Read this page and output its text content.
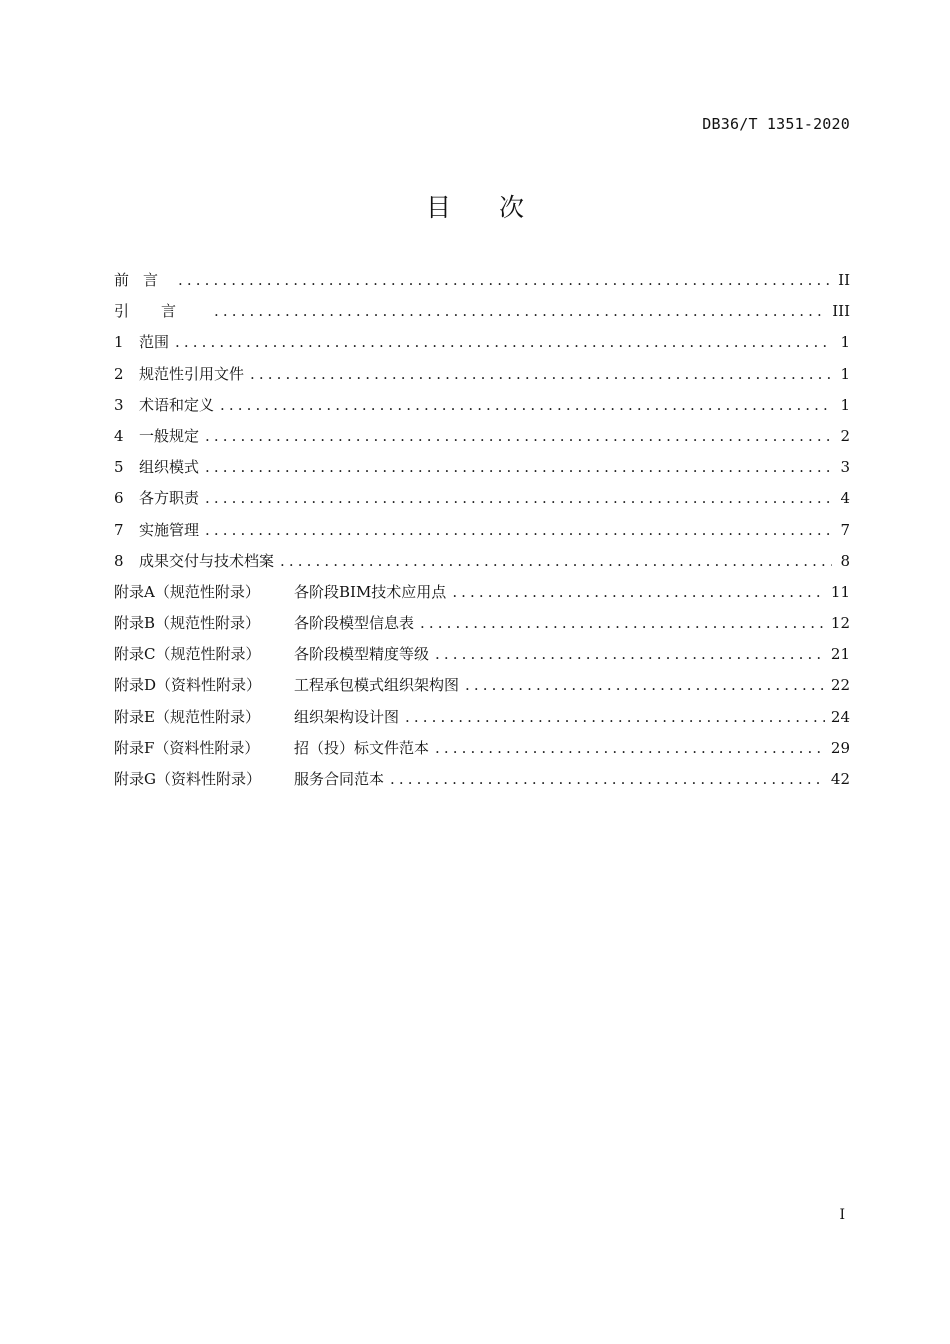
DB36/T 1351-2020
目次
前言 .....	II
引言 .....	III
1 范围 .....	1
2 规范性引用文件 .....	1
3 术语和定义 .....	1
4 一般规定 .....	2
5 组织模式 .....	3
6 各方职责 .....	4
7 实施管理 .....	7
8 成果交付与技术档案 .....	8
附录A（规范性附录） 各阶段BIM技术应用点 .....	11
附录B（规范性附录） 各阶段模型信息表 .....	12
附录C（规范性附录） 各阶段模型精度等级 .....	21
附录D（资料性附录） 工程承包模式组织架构图 .....	22
附录E（规范性附录） 组织架构设计图 .....	24
附录F（资料性附录） 招（投）标文件范本 .....	29
附录G（资料性附录） 服务合同范本 .....	42
I
